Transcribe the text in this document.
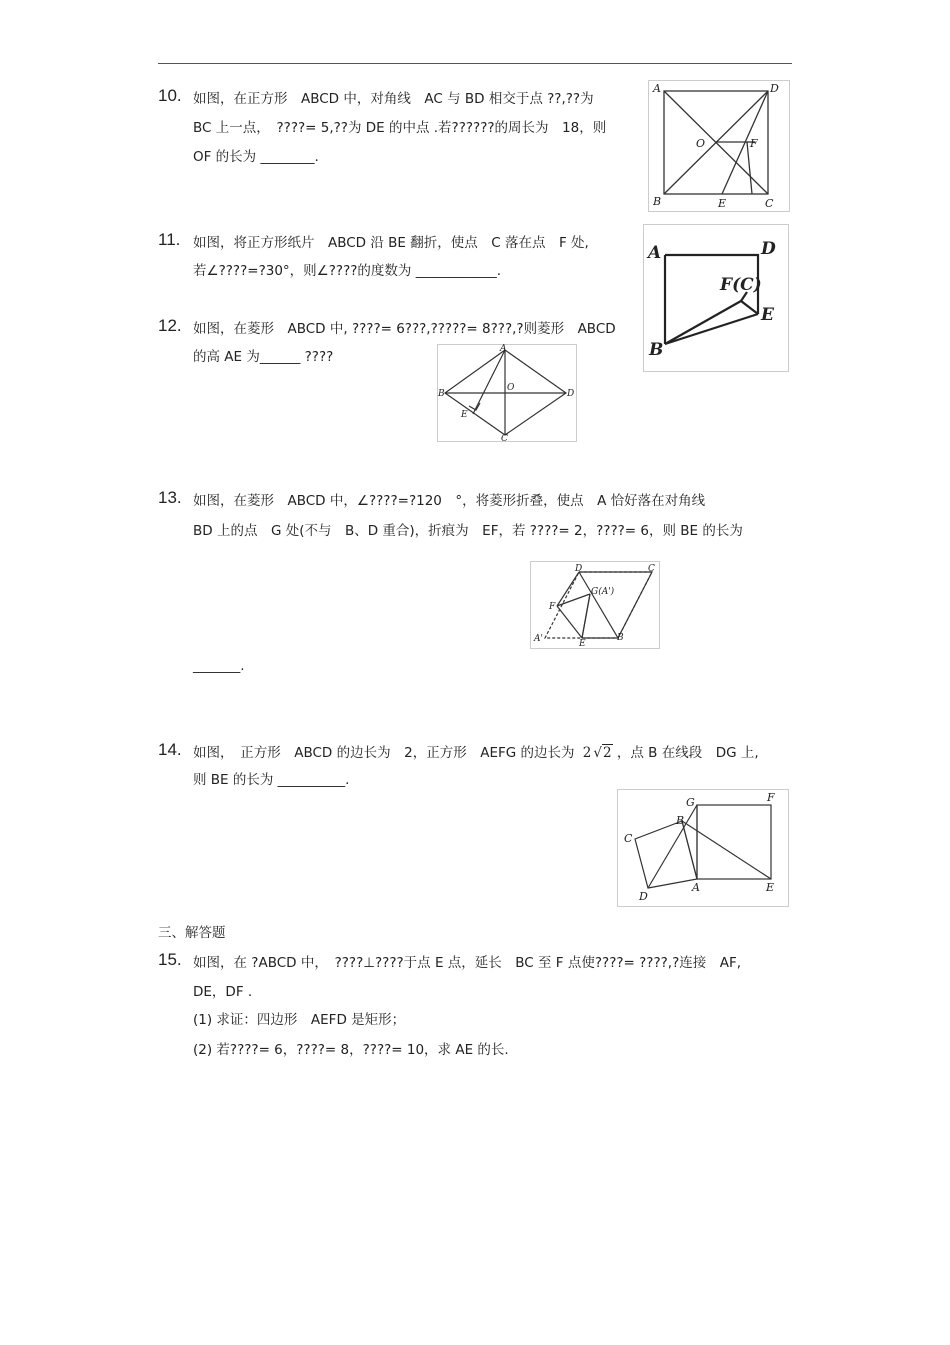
10. 如图，在正方形　ABCD 中，对角线　AC 与 BD 相交于点 ??,??为
BC 上一点，　????= 5,??为 DE 的中点 .若??????的周长为　18，则
OF 的长为 ________.
A	D
B	E	C
O	F
11. 如图，将正方形纸片　ABCD 沿 BE 翻折，使点　C 落在点　F 处,
若∠????=?30°，则∠????的度数为 ____________.
A	D
F(C)
E
B
12. 如图，在菱形　ABCD 中, ????= 6???,?????= 8???,?则菱形　ABCD
的高 AE 为______ ????	A
B
O
D
E
C
13. 如图，在菱形　ABCD 中，∠????=?120　°，将菱形折叠，使点　A 恰好落在对角线
BD 上的点　G 处(不与　B、D 重合)，折痕为　EF，若 ????= 2，????= 6，则 BE 的长为
D	C
G(A')
F
A'	E
B
_______.
14. 如图，　正方形　ABCD 的边长为　2，正方形　AEFG 的边长为 2 √2 ，点 B 在线段　DG 上,
则 BE 的长为 __________.
G	F
B
C
A	E
D
三、解答题
15. 如图，在 ?ABCD 中，　????⊥????于点 E 点，延长　BC 至 F 点使????= ????,?连接　AF,
DE，DF .
(1) 求证：四边形　AEFD 是矩形；
(2) 若????= 6，????= 8，????= 10，求 AE 的长.
